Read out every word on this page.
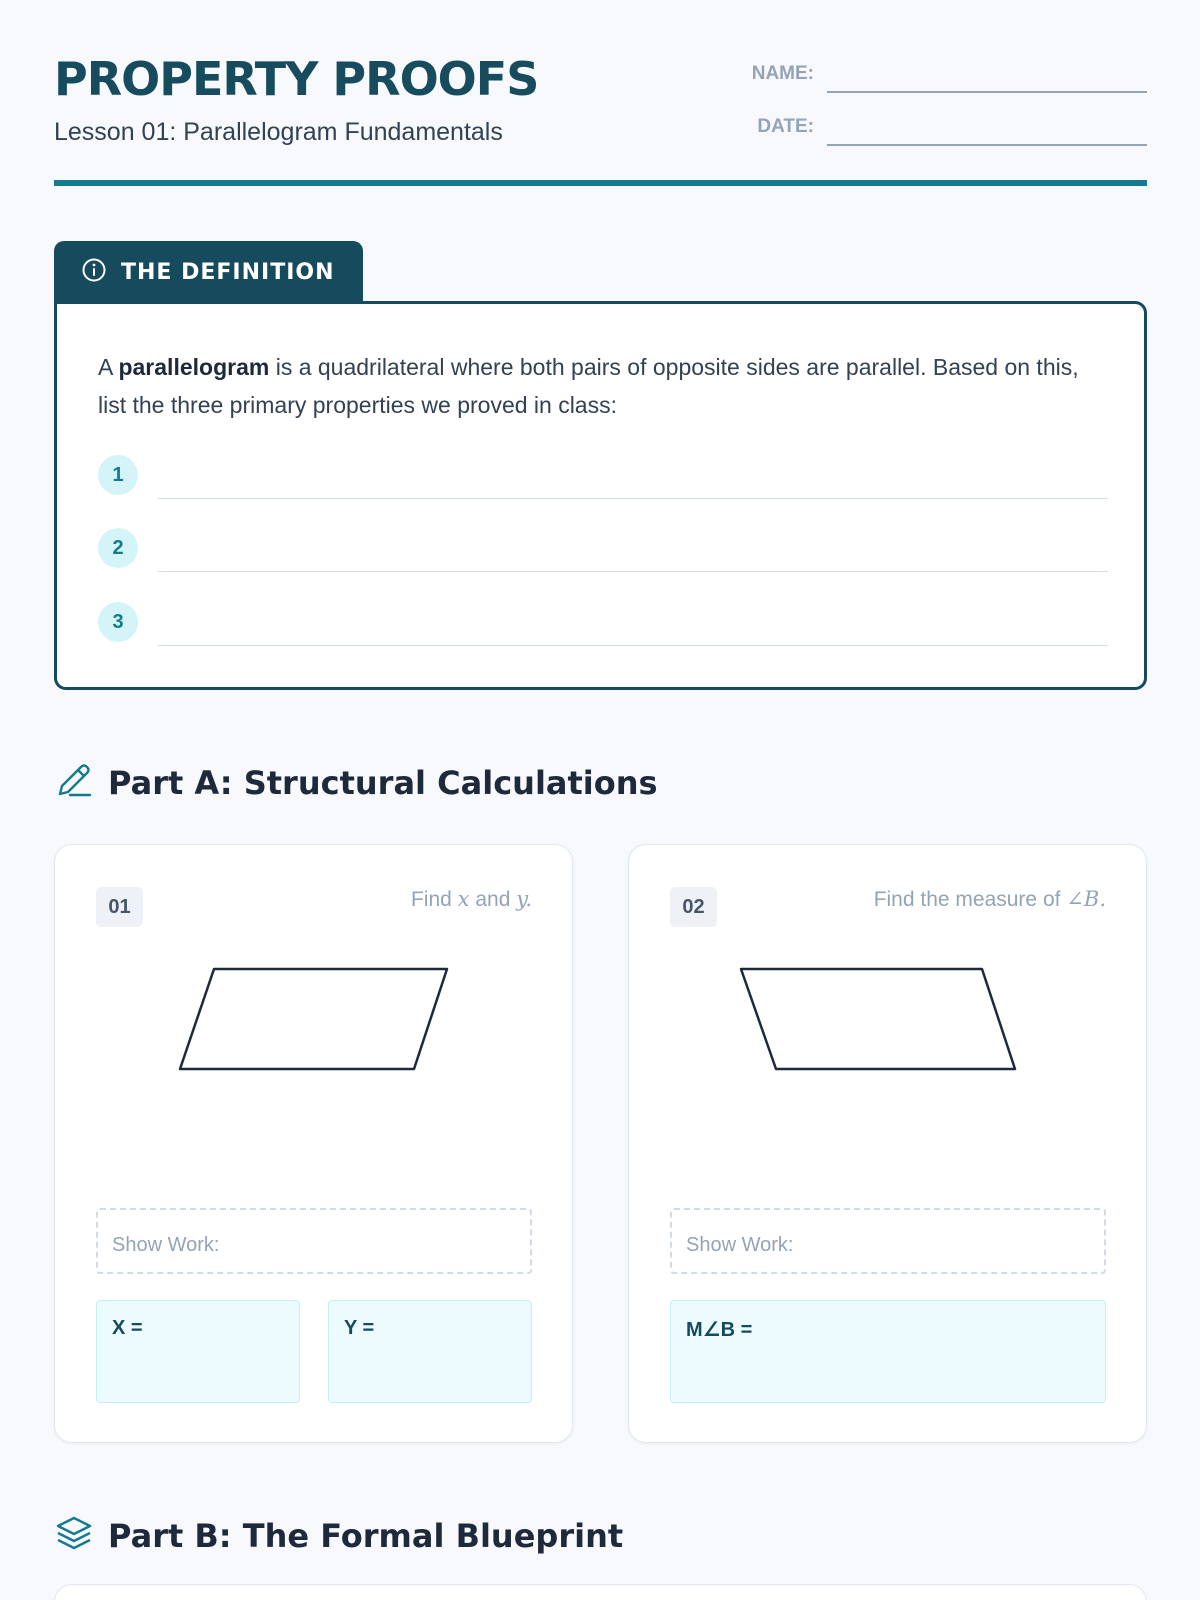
PROPERTY PROOFS
Lesson 01: Parallelogram Fundamentals
NAME:
DATE:
THE DEFINITION

A parallelogram is a quadrilateral where both pairs of opposite sides are parallel. Based on this, list the three primary properties we proved in class:

1
2
3
Part A: Structural Calculations
01	Find x and y.
Show Work:
X =	Y =
02	Find the measure of ∠B.
Show Work:
M∠B =
Part B: The Formal Blueprint
